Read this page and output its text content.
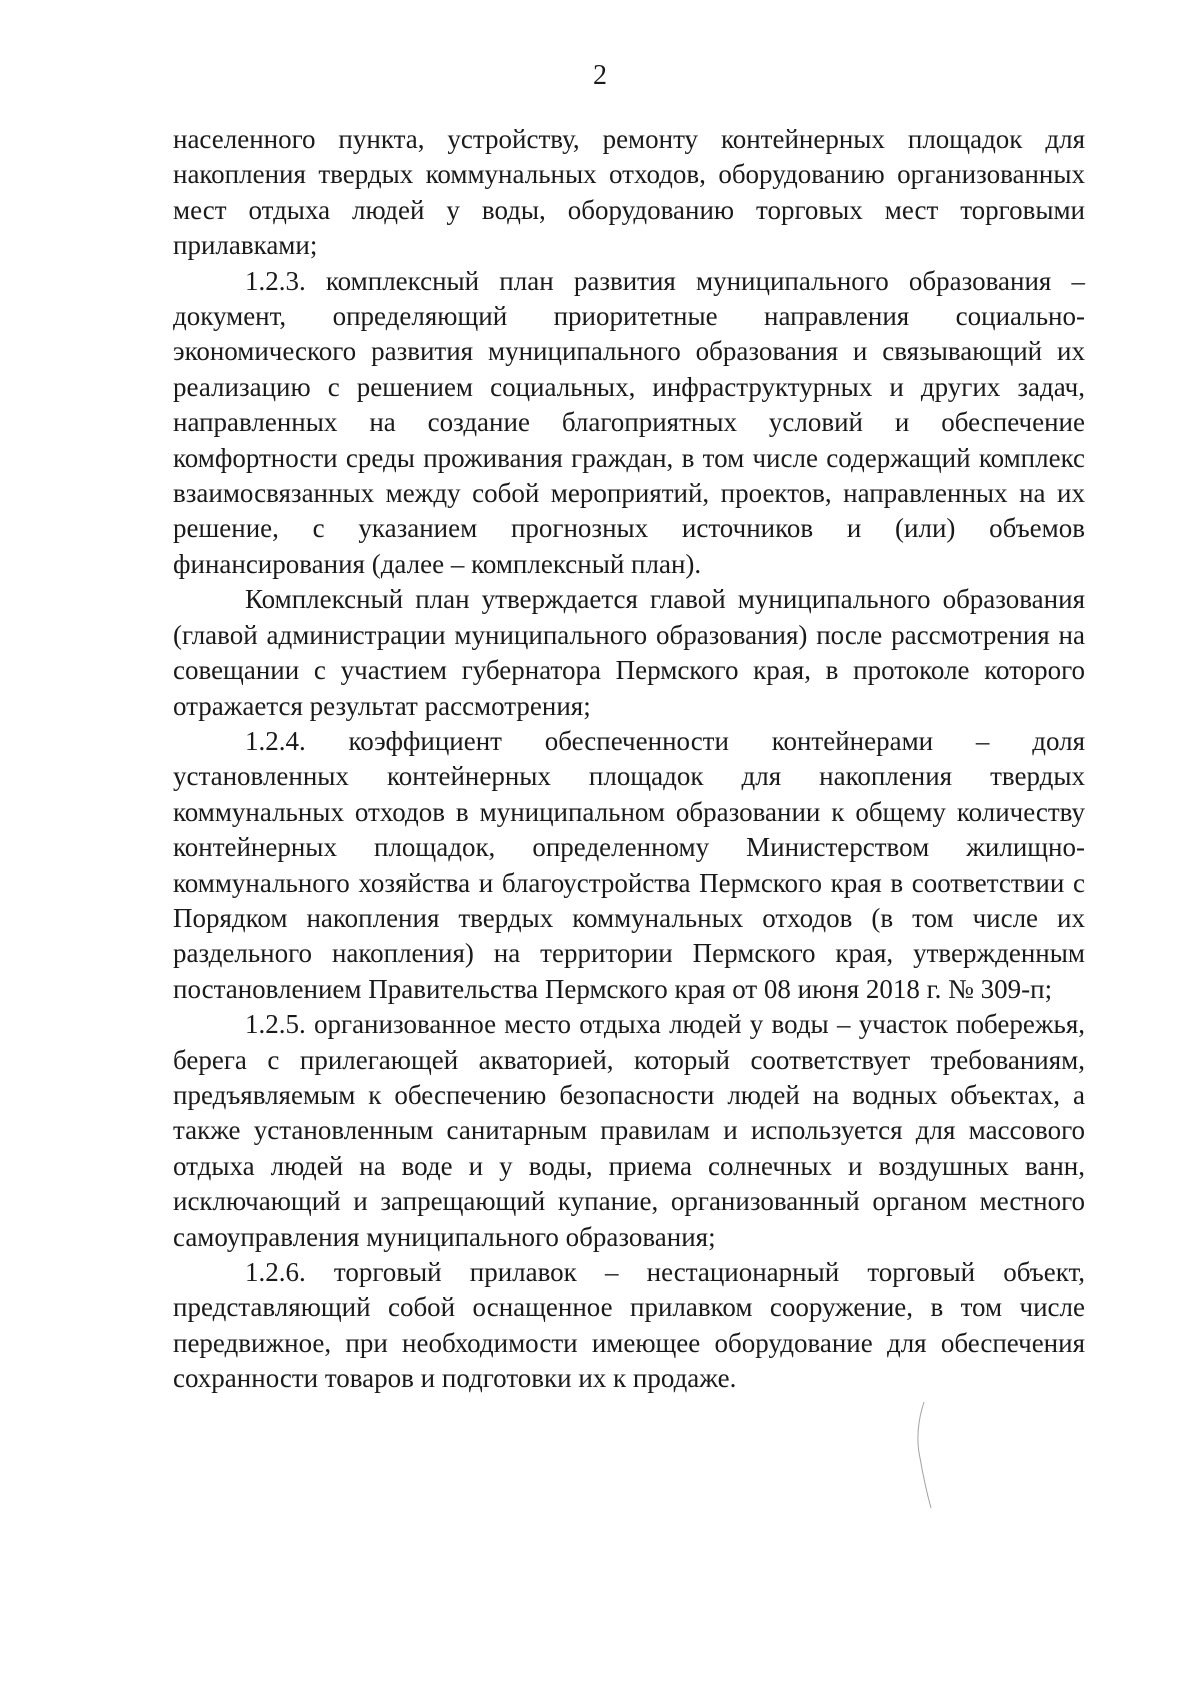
2

населенного пункта, устройству, ремонту контейнерных площадок для накопления твердых коммунальных отходов, оборудованию организованных мест отдыха людей у воды, оборудованию торговых мест торговыми прилавками;

1.2.3. комплексный план развития муниципального образования – документ, определяющий приоритетные направления социально-экономического развития муниципального образования и связывающий их реализацию с решением социальных, инфраструктурных и других задач, направленных на создание благоприятных условий и обеспечение комфортности среды проживания граждан, в том числе содержащий комплекс взаимосвязанных между собой мероприятий, проектов, направленных на их решение, с указанием прогнозных источников и (или) объемов финансирования (далее – комплексный план).

Комплексный план утверждается главой муниципального образования (главой администрации муниципального образования) после рассмотрения на совещании с участием губернатора Пермского края, в протоколе которого отражается результат рассмотрения;

1.2.4. коэффициент обеспеченности контейнерами – доля установленных контейнерных площадок для накопления твердых коммунальных отходов в муниципальном образовании к общему количеству контейнерных площадок, определенному Министерством жилищно-коммунального хозяйства и благоустройства Пермского края в соответствии с Порядком накопления твердых коммунальных отходов (в том числе их раздельного накопления) на территории Пермского края, утвержденным постановлением Правительства Пермского края от 08 июня 2018 г. № 309-п;

1.2.5. организованное место отдыха людей у воды – участок побережья, берега с прилегающей акваторией, который соответствует требованиям, предъявляемым к обеспечению безопасности людей на водных объектах, а также установленным санитарным правилам и используется для массового отдыха людей на воде и у воды, приема солнечных и воздушных ванн, исключающий и запрещающий купание, организованный органом местного самоуправления муниципального образования;

1.2.6. торговый прилавок – нестационарный торговый объект, представляющий собой оснащенное прилавком сооружение, в том числе передвижное, при необходимости имеющее оборудование для обеспечения сохранности товаров и подготовки их к продаже.
